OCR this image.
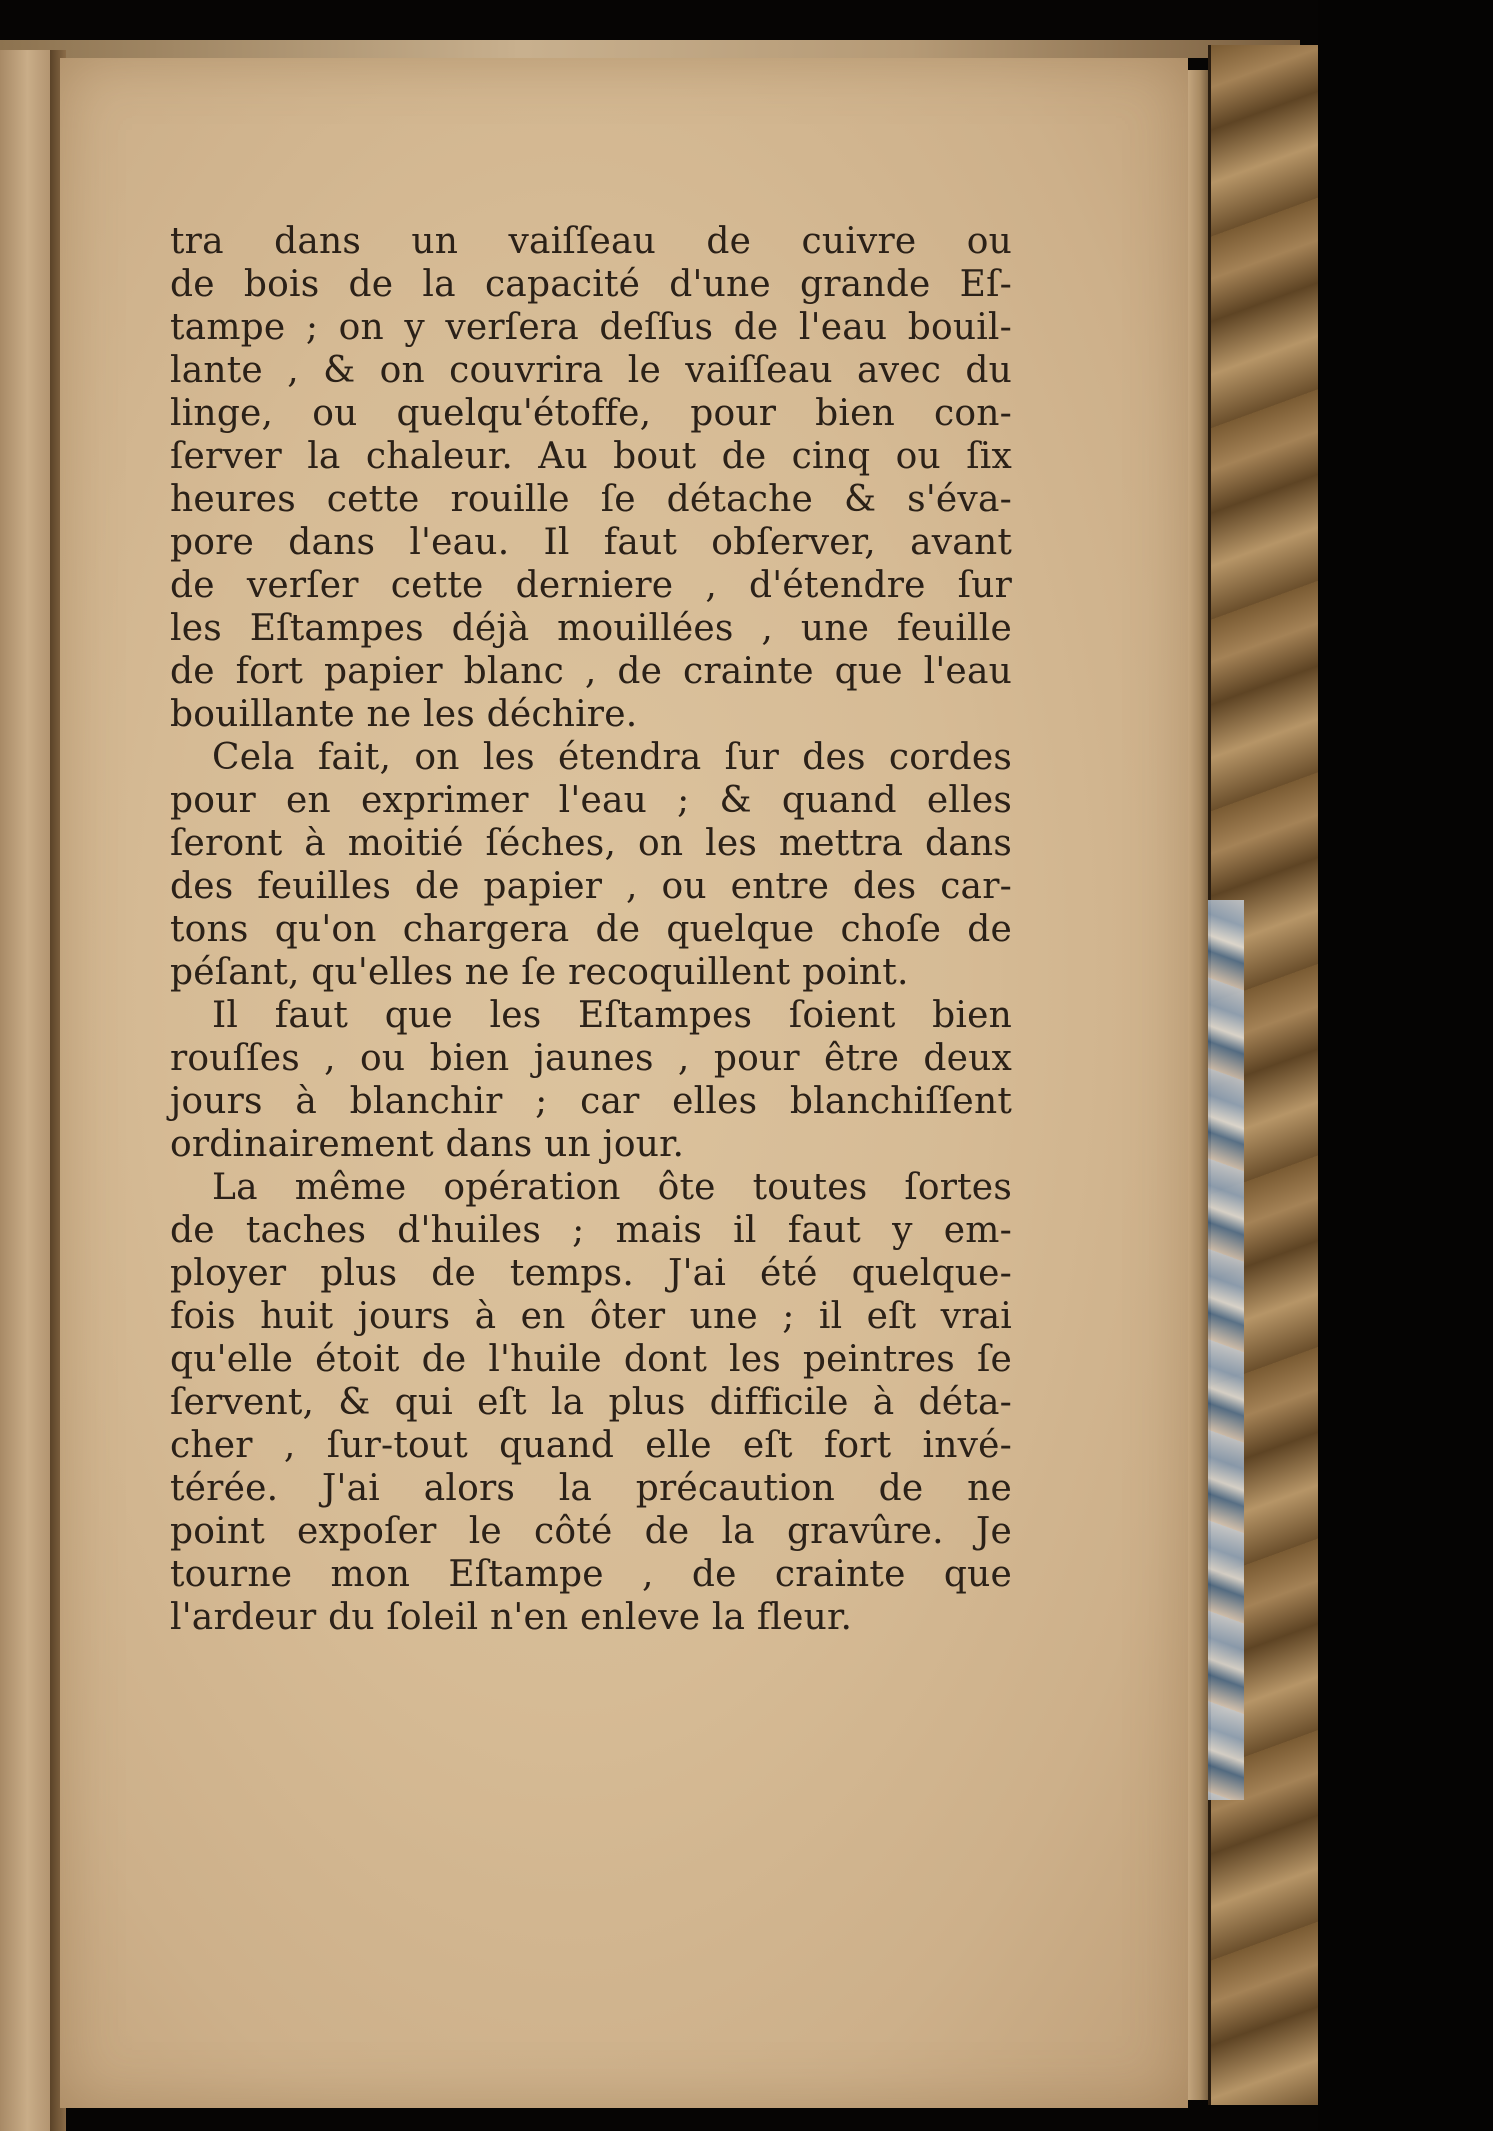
tra dans un vaiſſeau de cuivre ou
de bois de la capacité d'une grande Eſ-
tampe ; on y verſera deſſus de l'eau bouil-
lante , & on couvrira le vaiſſeau avec du
linge, ou quelqu'étoffe, pour bien con-
ſerver la chaleur. Au bout de cinq ou ſix
heures cette rouille ſe détache & s'éva-
pore dans l'eau. Il faut obſerver, avant
de verſer cette derniere , d'étendre ſur
les Eſtampes déjà mouillées , une feuille
de fort papier blanc , de crainte que l'eau
bouillante ne les déchire.
Cela fait, on les étendra ſur des cordes
pour en exprimer l'eau ; & quand elles
ſeront à moitié ſéches, on les mettra dans
des feuilles de papier , ou entre des car-
tons qu'on chargera de quelque choſe de
péſant, qu'elles ne ſe recoquillent point.
Il faut que les Eſtampes ſoient bien
rouſſes , ou bien jaunes , pour être deux
jours à blanchir ; car elles blanchiſſent
ordinairement dans un jour.
La même opération ôte toutes ſortes
de taches d'huiles ; mais il faut y em-
ployer plus de temps. J'ai été quelque-
fois huit jours à en ôter une ; il eſt vrai
qu'elle étoit de l'huile dont les peintres ſe
ſervent, & qui eſt la plus difficile à déta-
cher , ſur-tout quand elle eſt fort invé-
térée. J'ai alors la précaution de ne
point expoſer le côté de la gravûre. Je
tourne mon Eſtampe , de crainte que
l'ardeur du ſoleil n'en enleve la fleur.
